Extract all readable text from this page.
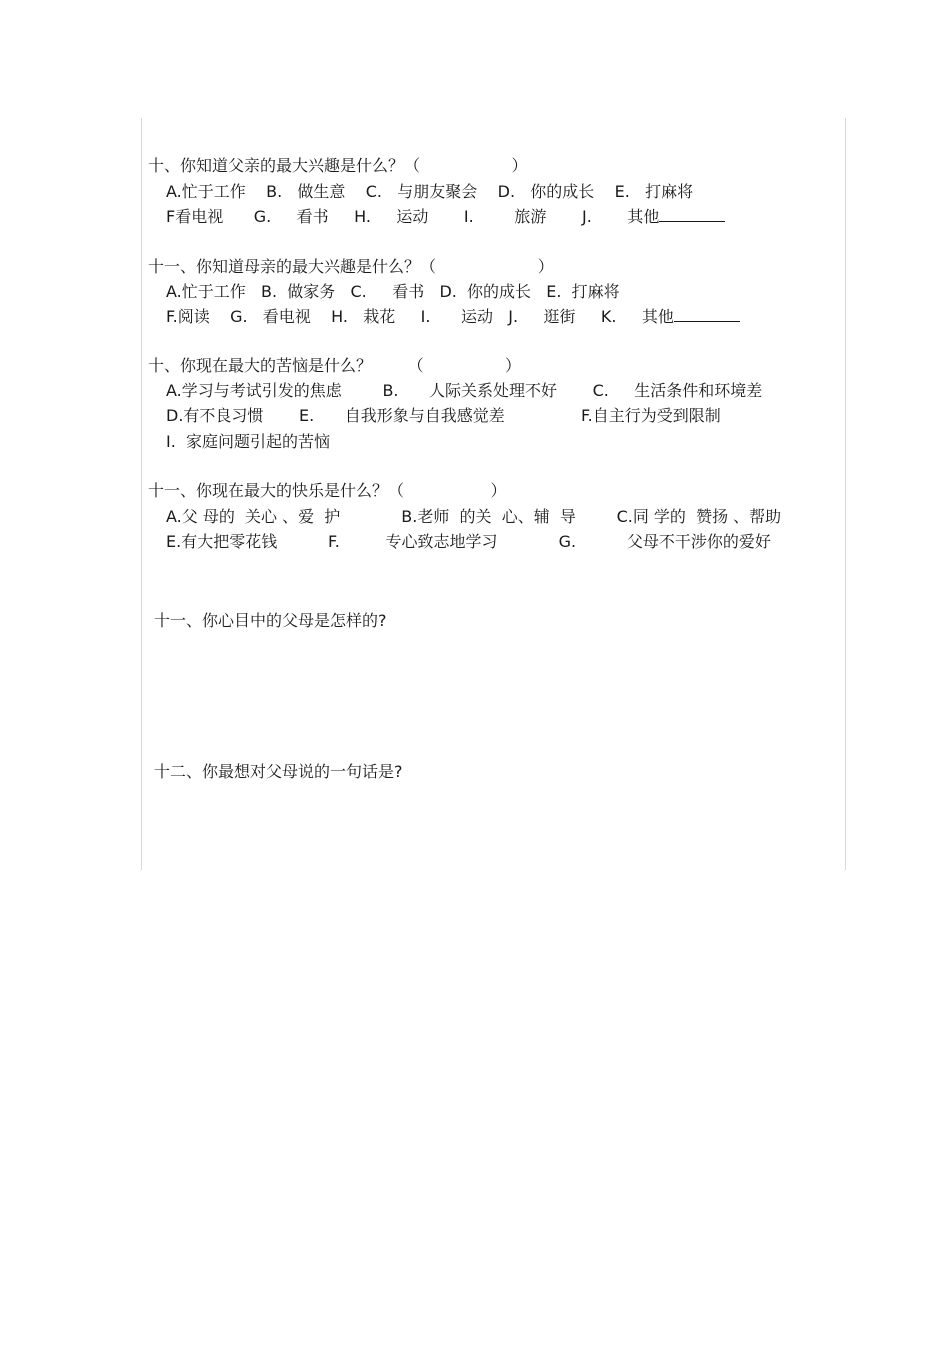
十、你知道父亲的最大兴趣是什么？（                  ）
A.忙于工作    B.   做生意    C.   与朋友聚会    D.   你的成长    E.   打麻将
F看电视      G.     看书     H.     运动       I.        旅游       J.       其他
十一、你知道母亲的最大兴趣是什么？（                    ）
A.忙于工作   B.  做家务   C.     看书   D.  你的成长   E.  打麻将
F.阅读    G.   看电视    H.   栽花     I.      运动   J.     逛街     K.     其他
十、你现在最大的苦恼是什么？       （                ）
A.学习与考试引发的焦虑        B.      人际关系处理不好       C.     生活条件和环境差
D.有不良习惯       E.      自我形象与自我感觉差               F.自主行为受到限制
I.  家庭问题引起的苦恼
十一、你现在最大的快乐是什么？（                 ）
A.父 母的  关心 、爱  护            B.老师  的关  心、辅  导        C.同 学的  赞扬 、帮助
E.有大把零花钱          F.         专心致志地学习            G.          父母不干涉你的爱好
十一、你心目中的父母是怎样的?
十二、你最想对父母说的一句话是?
